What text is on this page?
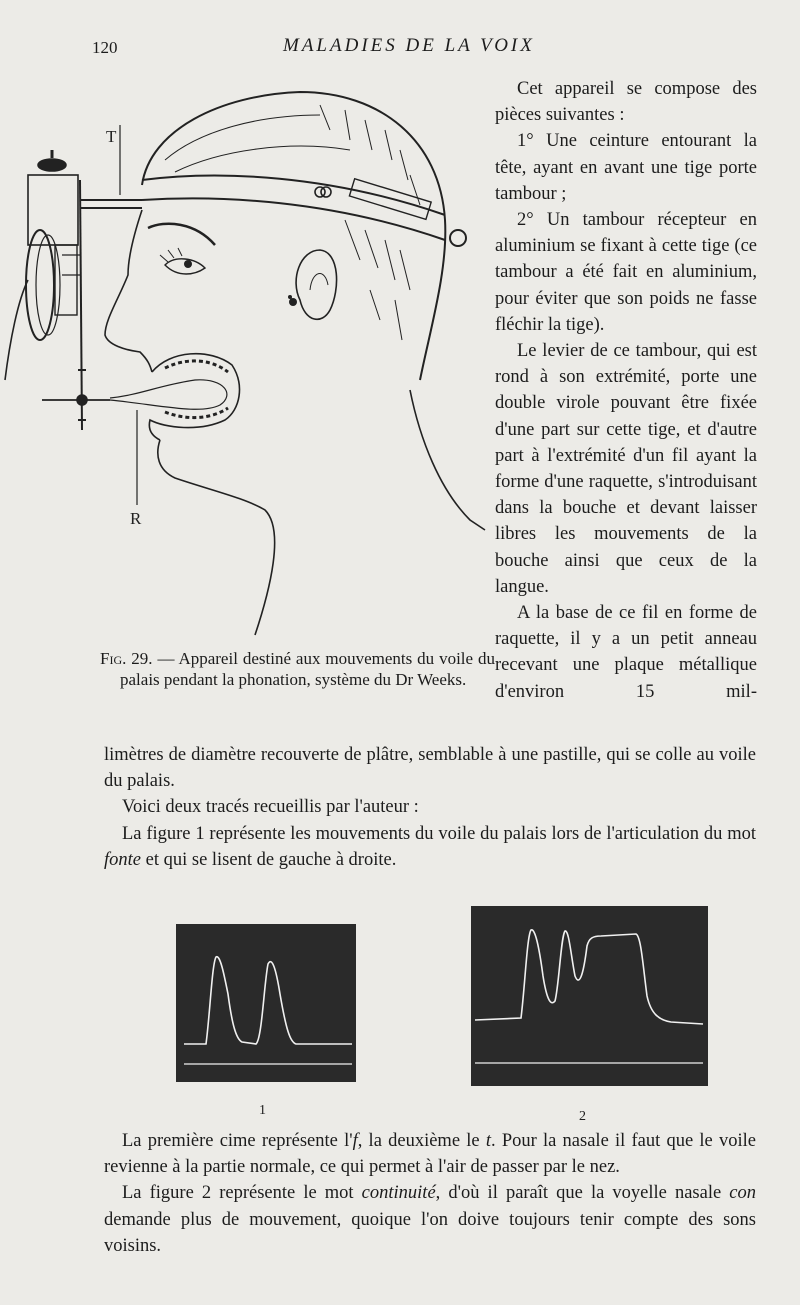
120	MALADIES DE LA VOIX
T
R
Fig. 29. — Appareil destiné aux mouvements du voile du palais pendant la phonation, système du Dr Weeks.

Cet appareil se compose des pièces suivantes :

1° Une ceinture entourant la tête, ayant en avant une tige porte tambour ;

2° Un tambour récepteur en aluminium se fixant à cette tige (ce tambour a été fait en aluminium, pour éviter que son poids ne fasse fléchir la tige).

Le levier de ce tambour, qui est rond à son extrémité, porte une double virole pouvant être fixée d'une part sur cette tige, et d'autre part à l'extrémité d'un fil ayant la forme d'une raquette, s'introduisant dans la bouche et devant laisser libres les mouvements de la bouche ainsi que ceux de la langue.

A la base de ce fil en forme de raquette, il y a un petit anneau recevant une plaque métallique d'environ 15 mil-

limètres de diamètre recouverte de plâtre, semblable à une pastille, qui se colle au voile du palais.

Voici deux tracés recueillis par l'auteur :

La figure 1 représente les mouvements du voile du palais lors de l'articulation du mot fonte et qui se lisent de gauche à droite.

1	2

La première cime représente l'f, la deuxième le t. Pour la nasale il faut que le voile revienne à la partie normale, ce qui permet à l'air de passer par le nez.

La figure 2 représente le mot continuité, d'où il paraît que la voyelle nasale con demande plus de mouvement, quoique l'on doive toujours tenir compte des sons voisins.
